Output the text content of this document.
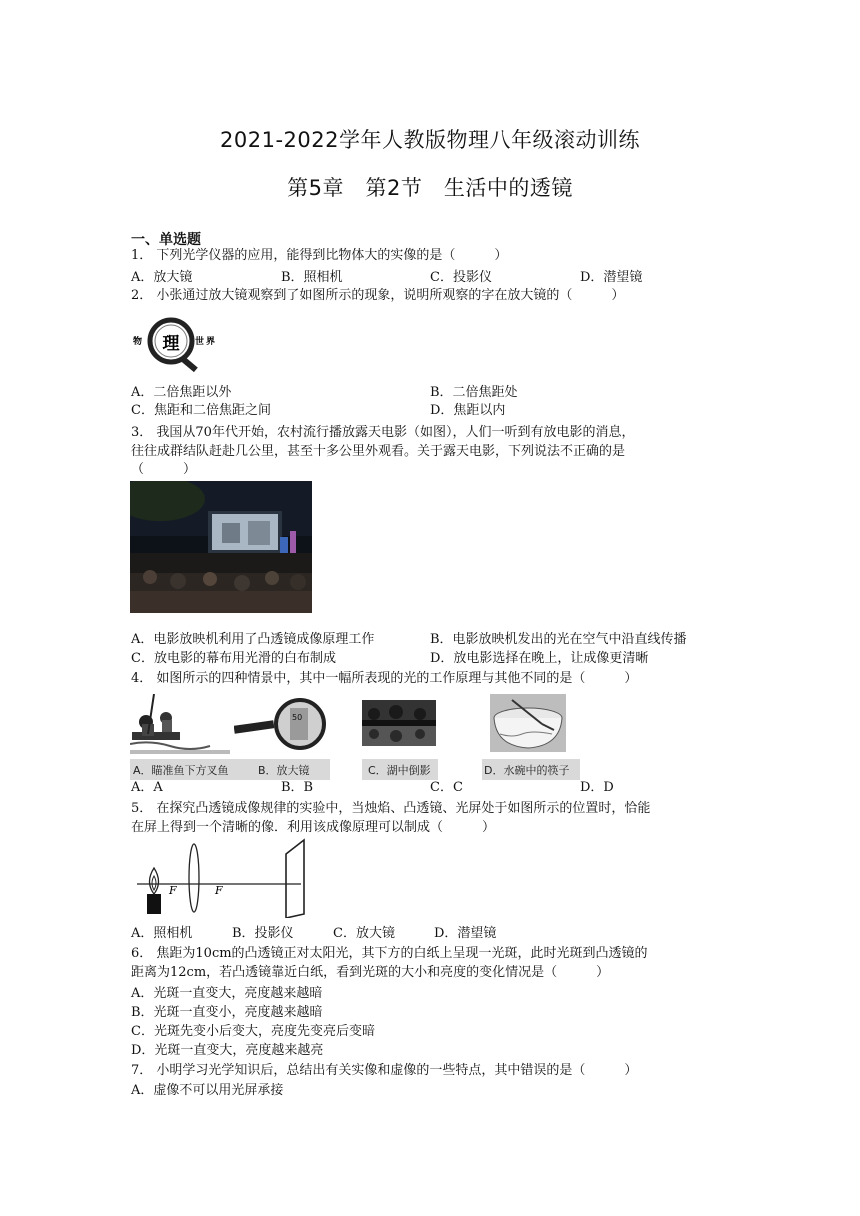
2021-2022学年人教版物理八年级滚动训练
第5章　第2节　生活中的透镜
一、单选题
1． 下列光学仪器的应用，能得到比物体大的实像的是（　　　）
A．放大镜	B．照相机	C．投影仪	D．潜望镜
2． 小张通过放大镜观察到了如图所示的现象，说明所观察的字在放大镜的（　　　）
物 理 世 界
A．二倍焦距以外	B．二倍焦距处
C．焦距和二倍焦距之间	D．焦距以内
3． 我国从70年代开始，农村流行播放露天电影（如图），人们一听到有放电影的消息，
往往成群结队赶赴几公里，甚至十多公里外观看。关于露天电影，下列说法不正确的是
（　　　）
A．电影放映机利用了凸透镜成像原理工作	B．电影放映机发出的光在空气中沿直线传播
C．放电影的幕布用光滑的白布制成	D．放电影选择在晚上，让成像更清晰
4． 如图所示的四种情景中，其中一幅所表现的光的工作原理与其他不同的是（　　　）
A．瞄准鱼下方叉鱼
50
B．放大镜	C．湖中倒影	D．水碗中的筷子
A．A	B．B	C．C	D．D
5． 在探究凸透镜成像规律的实验中，当烛焰、凸透镜、光屏处于如图所示的位置时，恰能
在屏上得到一个清晰的像．利用该成像原理可以制成（　　　）
F	F
A．照相机	B．投影仪	C．放大镜	D．潜望镜
6． 焦距为10cm的凸透镜正对太阳光，其下方的白纸上呈现一光斑，此时光斑到凸透镜的
距离为12cm，若凸透镜靠近白纸，看到光斑的大小和亮度的变化情况是（　　　）
A．光斑一直变大，亮度越来越暗
B．光斑一直变小，亮度越来越暗
C．光斑先变小后变大，亮度先变亮后变暗
D．光斑一直变大，亮度越来越亮
7． 小明学习光学知识后，总结出有关实像和虚像的一些特点，其中错误的是（　　　）
A．虚像不可以用光屏承接
